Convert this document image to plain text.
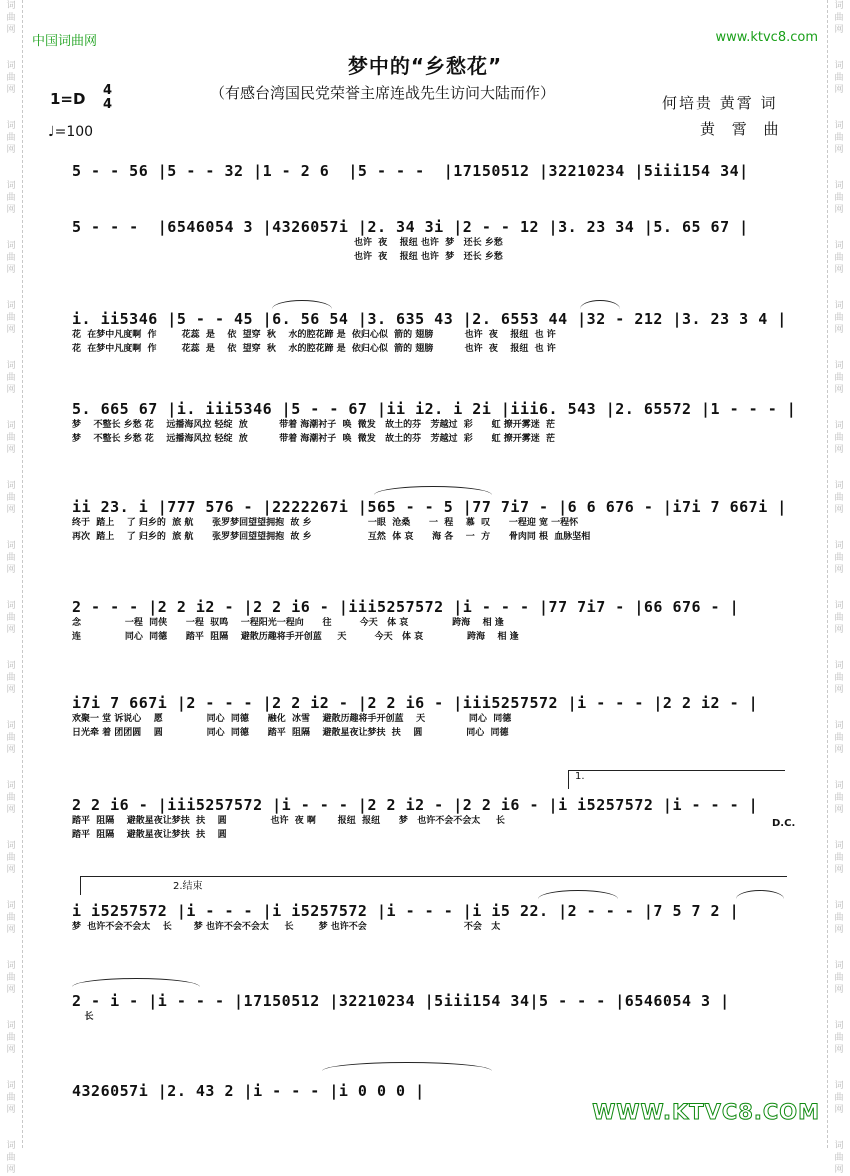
词
曲
网

词
曲
网

词
曲
网

词
曲
网

词
曲
网

词
曲
网

词
曲
网

词
曲
网

词
曲
网

词
曲
网

词
曲
网

词
曲
网

词
曲
网

词
曲
网

词
曲
网

词
曲
网

词
曲
网

词
曲
网

词
曲
网

词
曲
网
词
曲
网

词
曲
网

词
曲
网

词
曲
网

词
曲
网

词
曲
网

词
曲
网

词
曲
网

词
曲
网

词
曲
网

词
曲
网

词
曲
网

词
曲
网

词
曲
网

词
曲
网

词
曲
网

词
曲
网

词
曲
网

词
曲
网

词
曲
网
中国词曲网	www.ktvc8.com
梦中的“乡愁花”
（有感台湾国民党荣誉主席连战先生访问大陆而作）
1=D 4
4
♩=100
何培贵 黄霄 词
黄 霄 曲
5 - - 56 |5 - - 32 |1 - 2 6  |5 - - -  |17150512 |32210234 |5iii154 34|
5 - - -  |6546054 3 |4326057i |2. 34 3i |2 - - 12 |3. 23 34 |5. 65 67 |
也许  夜    报纽 也许  梦   还长 乡愁
也许  夜    报纽 也许  梦   还长 乡愁
i. ii5346 |5 - - 45 |6. 56 54 |3. 635 43 |2. 6553 44 |32 - 212 |3. 23 3 4 |
花  在梦中凡度啊  作        花蕊  是    依  望穿  秋    水的腔花蹄 是  依归心似  箭的 翅膀          也许  夜    报纽  也 许
花  在梦中凡度啊  作        花蕊  是    依  望穿  秋    水的腔花蹄 是  依归心似  箭的 翅膀          也许  夜    报纽  也 许
5. 665 67 |i. iii5346 |5 - - 67 |ii i2. i 2i |iii6. 543 |2. 65572 |1 - - - |
梦    不整长 乡愁 花    远播海风拉 轻绽  放          带着 海潮衬子  唤  微发   故土的芬   芳越过  彩      虹 撩开雾迷  茫
梦    不整长 乡愁 花    远播海风拉 轻绽  放          带着 海潮衬子  唤  微发   故土的芬   芳越过  彩      虹 撩开雾迷  茫
ii 23. i |777 576 - |2222267i |565 - - 5 |77 7i7 - |6 6 676 - |i7i 7 667i |
终于  踏上    了 归乡的  旅 航      张罗梦回望望拥抱  故 乡                  一眼  沧桑      一  程    慕  叹      一程迎 宽 一程怀
再次  踏上    了 归乡的  旅 航      张罗梦回望望拥抱  故 乡                  互然  体 哀      海 各    一  方      骨肉同 根  血脉坚相
2 - - - |2 2 i2 - |2 2 i6 - |iii5257572 |i - - - |77 7i7 - |66 676 - |
念              一程  同侠      一程  驭鸣    一程阳光一程向      往         今天   体 哀              跨海    相 逢
连              同心  同德      踏平  阻隔    避散历趣将手开创蓝     天         今天   体 哀              跨海    相 逢
i7i 7 667i |2 - - - |2 2 i2 - |2 2 i6 - |iii5257572 |i - - - |2 2 i2 - |
欢聚一 堂 诉说心    愿              同心  同德      融化  冰雪    避散历趣将手开创蓝    天              同心  同德
日光牵 着 团团圆    圆              同心  同德      踏平  阻隔    避散星夜让梦扶  扶    圆              同心  同德
1.
2 2 i6 - |iii5257572 |i - - - |2 2 i2 - |2 2 i6 - |i i5257572 |i - - - |
踏平  阻隔    避散星夜让梦扶  扶    圆              也许  夜 啊       报纽  报纽      梦   也许不会不会太     长
踏平  阻隔    避散星夜让梦扶  扶    圆
D.C.
2.结束
i i5257572 |i - - - |i i5257572 |i - - - |i i5 22. |2 - - - |7 5 7 2 |
梦  也许不会不会太    长       梦 也许不会不会太     长        梦 也许不会                               不会   太
2 - i - |i - - - |17150512 |32210234 |5iii154 34|5 - - - |6546054 3 |
长
4326057i |2. 43 2 |i - - - |i 0 0 0 |
WWW.KTVC8.COM
